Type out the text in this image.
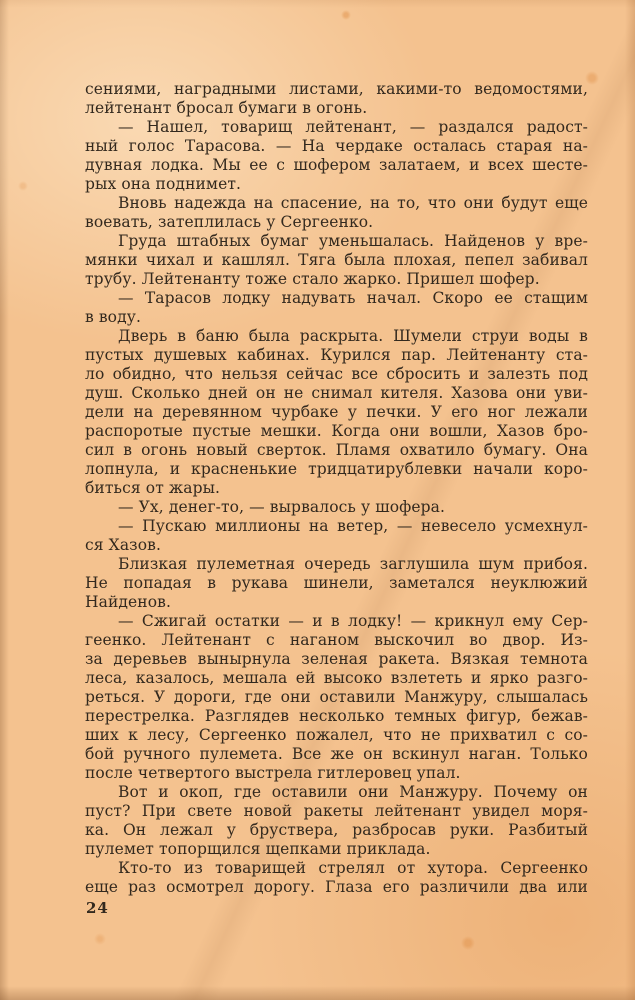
сениями, наградными листами, какими-то ведомостями,
лейтенант бросал бумаги в огонь.
— Нашел, товарищ лейтенант, — раздался радост-
ный голос Тарасова. — На чердаке осталась старая на-
дувная лодка. Мы ее с шофером залатаем, и всех шесте-
рых она поднимет.
Вновь надежда на спасение, на то, что они будут еще
воевать, затеплилась у Сергеенко.
Груда штабных бумаг уменьшалась. Найденов у вре-
мянки чихал и кашлял. Тяга была плохая, пепел забивал
трубу. Лейтенанту тоже стало жарко. Пришел шофер.
— Тарасов лодку надувать начал. Скоро ее стащим
в воду.
Дверь в баню была раскрыта. Шумели струи воды в
пустых душевых кабинах. Курился пар. Лейтенанту ста-
ло обидно, что нельзя сейчас все сбросить и залезть под
душ. Сколько дней он не снимал кителя. Хазова они уви-
дели на деревянном чурбаке у печки. У его ног лежали
распоротые пустые мешки. Когда они вошли, Хазов бро-
сил в огонь новый сверток. Пламя охватило бумагу. Она
лопнула, и красненькие тридцатирублевки начали коро-
биться от жары.
— Ух, денег-то, — вырвалось у шофера.
— Пускаю миллионы на ветер, — невесело усмехнул-
ся Хазов.
Близкая пулеметная очередь заглушила шум прибоя.
Не попадая в рукава шинели, заметался неуклюжий
Найденов.
— Сжигай остатки — и в лодку! — крикнул ему Сер-
геенко. Лейтенант с наганом выскочил во двор. Из-
за деревьев вынырнула зеленая ракета. Вязкая темнота
леса, казалось, мешала ей высоко взлететь и ярко разго-
реться. У дороги, где они оставили Манжуру, слышалась
перестрелка. Разглядев несколько темных фигур, бежав-
ших к лесу, Сергеенко пожалел, что не прихватил с со-
бой ручного пулемета. Все же он вскинул наган. Только
после четвертого выстрела гитлеровец упал.
Вот и окоп, где оставили они Манжуру. Почему он
пуст? При свете новой ракеты лейтенант увидел моря-
ка. Он лежал у бруствера, разбросав руки. Разбитый
пулемет топорщился щепками приклада.
Кто-то из товарищей стрелял от хутора. Сергеенко
еще раз осмотрел дорогу. Глаза его различили два или
24
